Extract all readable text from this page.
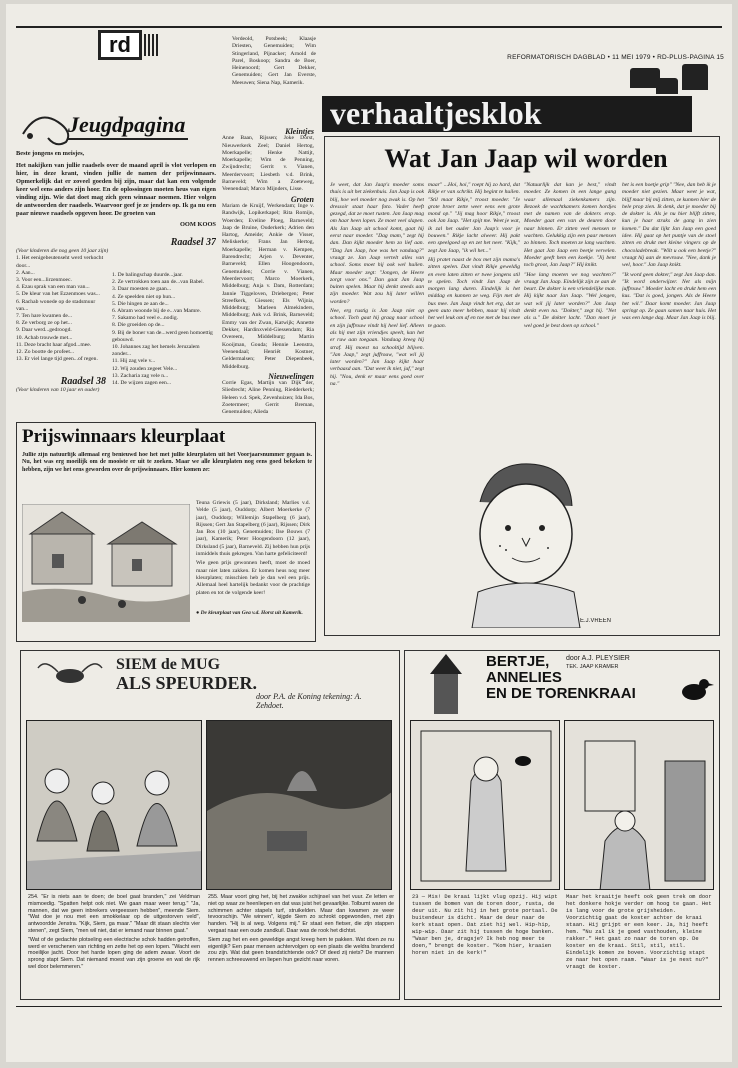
rd
REFORMATORISCH DAGBLAD • 11 MEI 1979 • RD-PLUS-PAGINA 15
Jeugdpagina	verhaaltjesklok

Verdeold, Potsbeek; Klaasje Driesten, Genemuiden; Wim Stingerland, Pijnacker; Arnold de Parel, Boskoop; Sandra de Boer, Heinenoord; Gert Dekker, Genemuiden; Gert Jan Everste, Meeuwen; Siena Nap, Kamerik.

Beste jongens en meisjes,
Het nakijken van jullie raadsels over de maand april is vlot verlopen en hier, in deze krant, vinden jullie de namen der prijswinnaars. Opmerkelijk dat er zoveel goeden bij zijn, maar dat kan een volgende keer wel eens anders zijn hoor. En de oplossingen moeten heus van eigen vinding zijn. Wie dat doet mag zich geen winnaar noemen. Hier volgen de antwoorden der raadsels. Waarvoor geef je ze jenders op. Ik ga nu een paar nieuwe raadsels opgeven hoor. De groeten van
OOM KOOS
Raadsel 37
(Voor kinderen die nog geen 10 jaar zijn)
1. Het eenigebeutenseht werd verkocht door...
2. Aan...
3. Voor een...lirzenmoec.
4. Ezau sprak van een man van...
5. De kleur van het Ezzenmoes was...
6. Rachab wonede op de stadsmuur van...
7. Ten hare kwamen de...
8. Ze verborg ze op het...
9. Daar werd...gedroogd.
10. Achab trouwde met...
11. Deze bracht haar afgod...mee.
12. Zo bootte de profeet...
13. Er viel lange tijd geen...of regen.
Raadsel 38
(Voor kinderen van 10 jaar en ouder)
1. De balingschap duurde...jaar.
2. Ze vertrokken toen aan de...van Babel.
3. Daar moesten ze gaan...
4. Ze speelden niet op hun...
5. Die hingen ze aan de...
6. Abram woonde bij de e...van Mamre.
7. Sakamo had veel e...nodig.
8. Die groeiden op de...
9. Bij de boner van de...werd geen homoettig gebouwd.
10. Johannes zag het hemels Jeruzalem zonder...
11. Hij zag vele v...
12. Wij zouden zegeet Vele...
13. Zacharia zag vele n...
14. De wijzen zagen een...
Kleintjes

Anne Baan, Rijssen; Joke Dorst, Nieuwerkerk Zeel; Daniel Hertog, Moerkapelle; Henke Nattijt, Moerkapelle; Wim de Penning, Zwijndrecht; Gerrit v. Vianen, Meerdervoort; Liesbeth v.d. Brink, Barneveld; Wim a Zoeteweg, Veenendaal; Marco Mijnders, Lisse.

Groten

Mariam de Kruijf, Werkendam; Inge v. Randwijk, Lopikerkapel; Rita Romijn, Woerden; Eveline Ploeg, Barneveld; Jaap de Bruine, Ouderkerk; Adrien den Hartog, Ameide; Ankie de Visser, Meliskerke; Frans Jan Hertog, Moerkapelle; Herman v. Kempen, Barendrecht; Arjen v. Deventer, Barneveld; Ellen Hoogendoorn, Genemuiden; Corrie v. Vianen, Meerdervoort; Marco Moerkerk, Middelburg; Anja v. Dam, Rotterdam; Jannie Tiggeloven, Driebergen; Peter Streefkerk, Giessen; Els Wijnia, Middelburg; Marleen Almekinders, Middelburg; Ank v.d. Brink, Barneveld; Emmy van der Zwan, Katwijk; Annette Dekker, Hardinxveld-Giessendam; Ria Overeem, Middelburg; Martin Kooijman, Gouda; Hennie Leenstra, Veenendaal; Henriët Kostner, Geldermalsen; Peter Diepenbeek, Middelburg.

Nieuwelingen

Corrie Egas, Martijn van Dijk der, Sliedrecht; Aline Penning, Riedderkerk; Heleen v.d. Spek, Zevenhuizen; Ida Bos, Zoetermeer; Gerrit Breman, Genemuiden; Alieda

Prijswinnaars kleurplaat
Jullie zijn natuurlijk allemaal erg benieuwd hoe het met jullie kleurplaten uit het Voorjaarsnummer gegaan is. Nu, het was erg moeilijk om de mooiste er uit te zoeken. Maar we alle kleurplaten nog eens goed bekeken te hebben, zijn we het eens geworden over de prijswinnaars. Hier komen ze:
● De kleurplaat van Gea v.d. Horst uit Kamerik.

Teuna Griewis (5 jaar), Dirksland; Marlies v.d. Velde (5 jaar), Ouddorp; Albert Moerkerke (7 jaar), Ouddorp; Willemijn Stapelberg (6 jaar), Rijssen; Gert Jan Stapelberg (6 jaar), Rijssen; Dirk Jan Bos (10 jaar), Genemuiden; Ilse Bouws (7 jaar), Kamerik; Peter Hoogendoorn (12 jaar), Dirksland (5 jaar), Barneveld. Zij hebben hun prijs inmiddels thuis gekregen. Van harte gefeliciteerd!

Wie geen prijs gewonnen heeft, moet de moed maar niet laten zakken. Er komen heus nog meer kleurplaten; misschien heb je dan wel een prijs. Allemaal heel hartelijk bedankt voor de prachtige platen en tot de volgende keer!

Wat Jan Jaap wil worden

Je weet, dat Jan Jaap's moeder soms thuis is uit het ziekenhuis. Jan Jaap is ook blij, hoe wel moeder nog zwak is. Op het dressoir staat haar foto. Vader heeft gezegd, dat ze moet rusten. Jan Jaap mag om haar heen lopen. Ze moet veel slapen. Als Jan Jaap uit school komt, gaat hij eerst naar moeder. "Dag mam," zegt hij dan. Dan kijkt moeder hem zo lief aan. "Dag Jan Jaap, hoe was het vandaag?" vraagt ze. Jan Jaap vertelt alles van school. Soms moet hij ook wel huilen. Maar moeder zegt: "Jongen, de Heere zorgt voor ons." Dan gaat Jan Jaap buiten spelen. Maar hij denkt steeds aan zijn moeder. Wat zou hij later willen worden?

Nee, erg rustig is Jan Jaap niet op school. Toch gaat hij graag naar school en zijn juffrouw vindt hij heel lief. Alleen als hij met zijn vriendjes speelt, kan het er ruw aan toegaan. Vandaag kreeg hij straf. Hij moest na schooltijd blijven. "Jan Jaap," zegt juffrouw, "wat wil jij later worden?" Jan Jaap kijkt haar verbaasd aan. "Dat weet ik niet, juf," zegt hij. "Nou, denk er maar eens goed over na."

maar" ...Hoi, hoi," roept hij zo hard, dat Rikje er van schrikt. Hij begint te huilen. "Stil maar Rikje," troost moeder. "Je grote broer zette weer eens een grote mond op." "Jij mag hoor Rikje," troost ook Jan Jaap. "Het spijt me. Weet je wat, ik zal het ouder Jan Jaap's voor je bouwen." Rikje lacht alweer. Hij pakt een speelgoed op en zet het neer. "Kijk," zegt Jan Jaap, "ik wil het..."

Hij pratet naast de box met zijn mama's zitten spelen. Dat vindt Rikje geweldig en even laten zitten er twee jongens stil te spelen. Toch vindt Jan Jaap de morgen lang duren. Eindelijk is het middag en kunnen ze weg. Fijn met de bus mee. Jan Jaap vindt het erg, dat ze geen auto meer hebben, maar hij vindt het wel leuk om af en toe met de bus mee te gaan.

"Natuurlijk dat kan je best," vindt moeder. Ze komen in een lange gang waar allemaal ziekenkamers zijn. Bezoek de wachtkamers komen hordjes met de namen van de dokters erop. Moeder gaat een van de deuren door naar binnen. Er zitten veel mensen te wachten. Gelukkig zijn een paar mensen zo binnen. Toch moeten ze lang wachten. Het gaat Jan Jaap een beetje vervelen. Moeder geeft hem een koekje. "Jij bent toch groot, Jan Jaap?" Hij knikt.

"Hoe lang moeten we nog wachten?" vraagt Jan Jaap. Eindelijk zijn ze aan de beurt. De dokter is een vriendelijke man. Hij kijkt naar Jan Jaap. "Wel jongen, wat wil jij later worden?" Jan Jaap denkt even na. "Dokter," zegt hij. "Net als u." De dokter lacht. "Dan moet je wel goed je best doen op school."

het is een hoetje grip" "Nee, dan heb ik je moeder niet gezien. Maar weet je wat, blijf maar bij mij zitten, ze kunnen hier de hele prop zien. Ik denk, dat je moeder bij de dokter is. Als je nu hier blijft zitten, kun je haar straks de gang in zien komen." Da dat lijkt Jan Jaap een goed idee. Hij gaat op het puntje van de stoel zitten en drukt met kleine vingers op de chocoladebreak. "Wilt u ook een beetje?" vraagt hij aan de mevrouw. "Nee, dank je wel, hoor." Jan Jaap knikt.

"Ik word geen dokter," zegt Jan Jaap dan. "Ik word onderwijzer. Net als mijn juffrouw." Moeder lacht en drukt hem een kus. "Dat is goed, jongen. Als de Heere het wil." Daar komt moeder. Jan Jaap springt op. Ze gaan samen naar huis. Het was een lange dag. Maar Jan Jaap is blij.

E.J.VREEN
SIEM de MUG
ALS SPEURDER.
door P.A. de Koning tekening: A. Zehdoet.

254. "Er is niets aan te doen; de boel gaat branden," zei Veldman mismoedig. "Spatten helpt ook niet. We gaan maar weer terug." "Ja, mannen, dat we geen inbrekers vergeessen hebben", meende Siem. "Wat doe je nou met een smokkelaar op de uitgestorven veld", antwoordde Jenstra. "Kijk, Siem, ga maar." "Maar dit staan slechts vier stenen", zegt Siem, "men wil niet, dat er iemand naar binnen gaat."

"Wat of de gedachte plotseling een electrische schok hadden getroffen, werd er verschenen van richting en zette het op een lopen. "Wacht een moeilijke jacht. Door het harde lopen ging de adem zwaar. Voort de sprong stapt Siem. Dat niemand moest van zijn groene en wat de rijk wel door belemmeren."

255. Maar voort ging het, bij het zwakke schijnsel van het vuur. Ze letten er niet op waar ze heenliepen en dat was juist het gevaarlijke. Tolbumt waren de schimmen achter stapels turf, struikelden. Maar dan kwamen ze weer tevoorschijn. "We winnen", kijgde Siem zo schrokt opgewonden, met zijn handen. "Hij is al weg. Volgens mij." Er staat een fietser, die zijn stappen vergaat naar een oude zandkuil. Daar was de rook het dichtst.

Siem zag het en een geweldige angst kreeg hem te pakken. Wat doen ze nu eigenlijk? Een paar mensen achtervolgen op een plaats die weldra brandend zou zijn. Wat dat geen brandstichtende ook? Of deed zij niets? De mannen rennen schreeuwend en liepen hun gezicht naar voren.

BERTJE,
ANNELIES
EN DE TORENKRAAI
door A.J. PLEYSIER
TEK. JAAP KRAMER
23 — Mis! De kraai lijkt vlug opzij. Hij wipt tussen de bomen van de toren door, rusta, de deur uit. Nu zit hij in het grote portaal. De buitendeur is dicht. Maar de deur naar de kerk staat open. Dat ziet hij wel. Hip-hip, wip-wip. Daar zit hij tussen de hoge banken. "Waar ben je, dragsje? Ik heb nog meer te doen," brengt de koster. "Kom hier, kraaien horen niet in de kerk!"
Maar het kraaitje heeft ook geen trek om door het donkere hokje verder om hoog te gaan. Het is lang voor de grote grijsheiden. Voorzichtig gaat de koster achter de kraai staan. Hij grijpt er een keer. Ja, hij heeft hem. "Nu zal ik je goed vasthouden, kleine rakker." Het gaat zo naar de toren op. De koster en de kraai. Stil, stil, stil. Eindelijk komen ze boven. Voorzichtig stapt ze naar het open raam. "Waar is je nest nu?" vraagt de koster.
